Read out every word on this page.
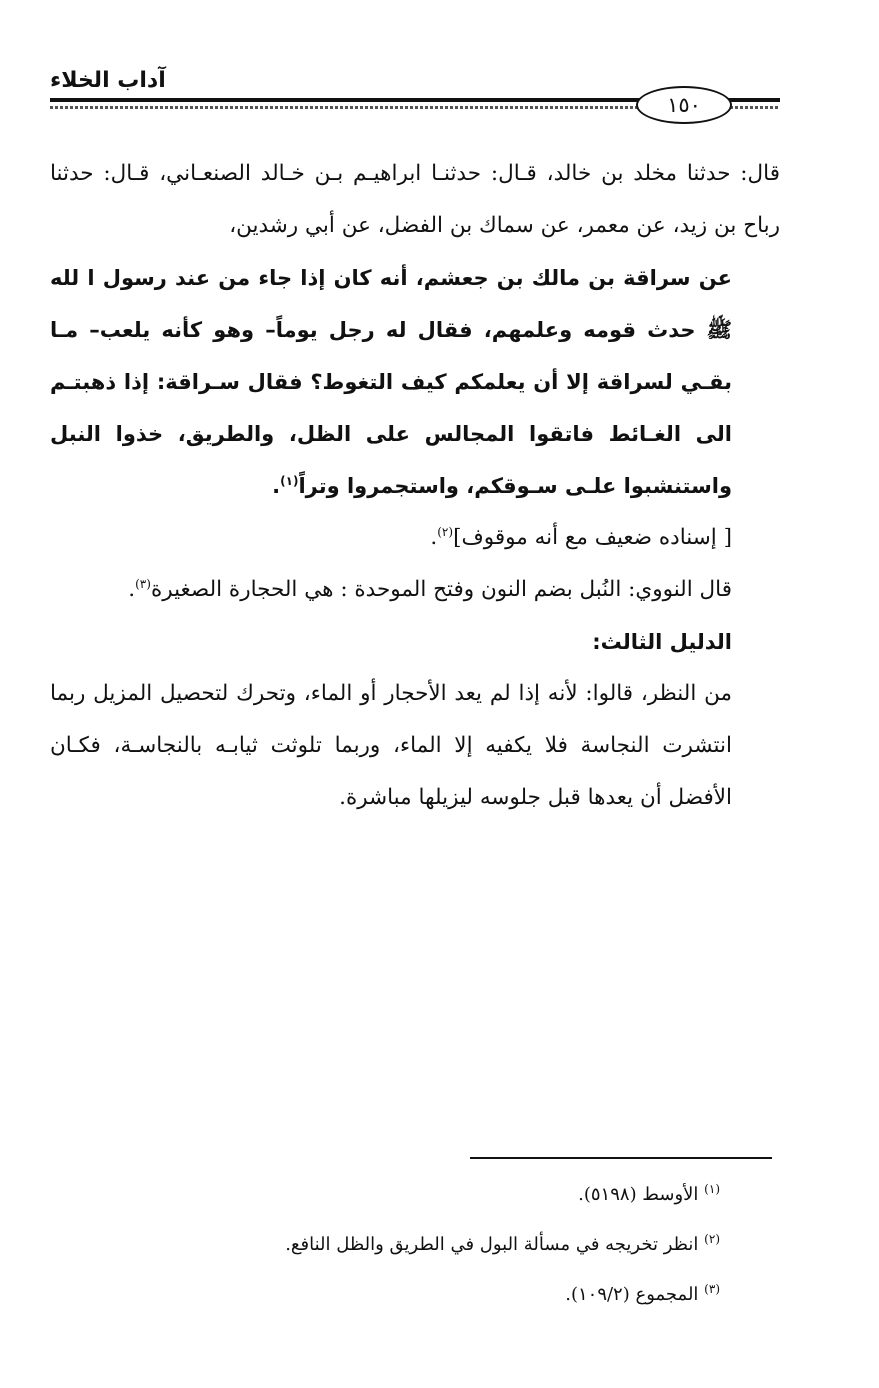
آداب الخلاء
١٥٠

قال: حدثنا مخلد بن خالد، قـال: حدثنـا ابراهيـم بـن خـالد الصنعـاني، قـال: حدثنا رباح بن زيد، عن معمر، عن سماك بن الفضل، عن أبي رشدين،

عن سراقة بن مالك بن جعشم، أنه كان إذا جاء من عند رسول ا لله ﷺ حدث قومه وعلمهم، فقال له رجل يوماً– وهو كأنه يلعب– مـا بقـي لسراقة إلا أن يعلمكم كيف التغوط؟ فقال سـراقة: إذا ذهبتـم الى الغـائط فاتقوا المجالس على الظل، والطريق، خذوا النبل واستنشبوا علـى سـوقكم، واستجمروا وتراً$^{(١)}$.

[ إسناده ضعيف مع أنه موقوف]$^{(٢)}$.

قال النووي: النُبل بضم النون وفتح الموحدة : هي الحجارة الصغيرة$^{(٣)}$.

الدليل الثالث:

من النظر، قالوا: لأنه إذا لم يعد الأحجار أو الماء، وتحرك لتحصيل المزيل ربما انتشرت النجاسة فلا يكفيه إلا الماء، وربما تلوثت ثيابـه بالنجاسـة، فكـان الأفضل أن يعدها قبل جلوسه ليزيلها مباشرة.

$^{(١)}$ الأوسط (٥١٩٨).

$^{(٢)}$ انظر تخريجه في مسألة البول في الطريق والظل النافع.

$^{(٣)}$ المجموع (١٠٩/٢).
